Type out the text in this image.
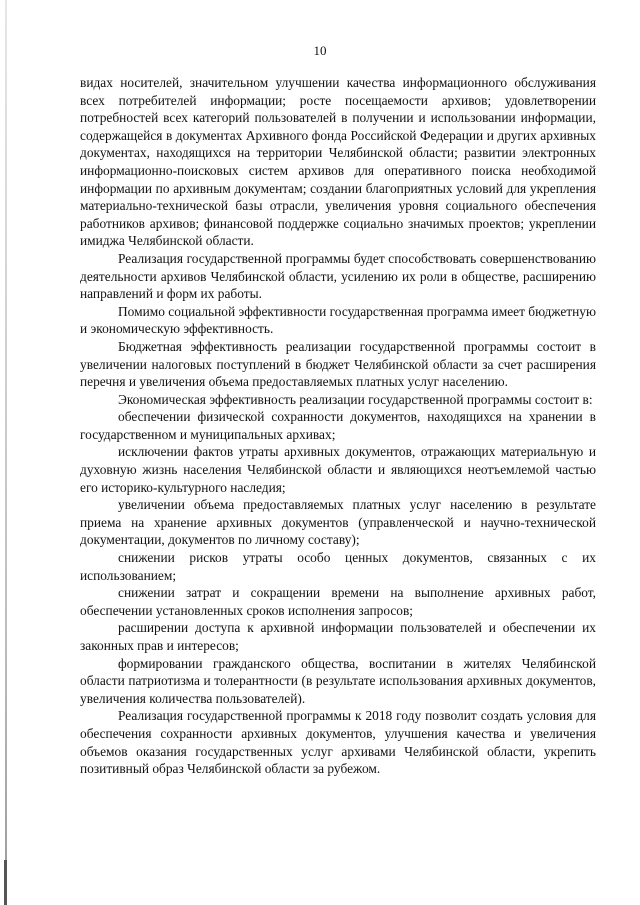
10

видах носителей, значительном улучшении качества информационного обслуживания всех потребителей информации; росте посещаемости архивов; удовлетворении потребностей всех категорий пользователей в получении и использовании информации, содержащейся в документах Архивного фонда Российской Федерации и других архивных документах, находящихся на территории Челябинской области; развитии электронных информационно-поисковых систем архивов для оперативного поиска необходимой информации по архивным документам; создании благоприятных условий для укрепления материально-технической базы отрасли, увеличения уровня социального обеспечения работников архивов; финансовой поддержке социально значимых проектов; укреплении имиджа Челябинской области.

Реализация государственной программы будет способствовать совершенствованию деятельности архивов Челябинской области, усилению их роли в обществе, расширению направлений и форм их работы.

Помимо социальной эффективности государственная программа имеет бюджетную и экономическую эффективность.

Бюджетная эффективность реализации государственной программы состоит в увеличении налоговых поступлений в бюджет Челябинской области за счет расширения перечня и увеличения объема предоставляемых платных услуг населению.

Экономическая эффективность реализации государственной программы состоит в:

обеспечении физической сохранности документов, находящихся на хранении в государственном и муниципальных архивах;

исключении фактов утраты архивных документов, отражающих материальную и духовную жизнь населения Челябинской области и являющихся неотъемлемой частью его историко-культурного наследия;

увеличении объема предоставляемых платных услуг населению в результате приема на хранение архивных документов (управленческой и научно-технической документации, документов по личному составу);

снижении рисков утраты особо ценных документов, связанных с их использованием;

снижении затрат и сокращении времени на выполнение архивных работ, обеспечении установленных сроков исполнения запросов;

расширении доступа к архивной информации пользователей и обеспечении их законных прав и интересов;

формировании гражданского общества, воспитании в жителях Челябинской области патриотизма и толерантности (в результате использования архивных документов, увеличения количества пользователей).

Реализация государственной программы к 2018 году позволит создать условия для обеспечения сохранности архивных документов, улучшения качества и увеличения объемов оказания государственных услуг архивами Челябинской области, укрепить позитивный образ Челябинской области за рубежом.
